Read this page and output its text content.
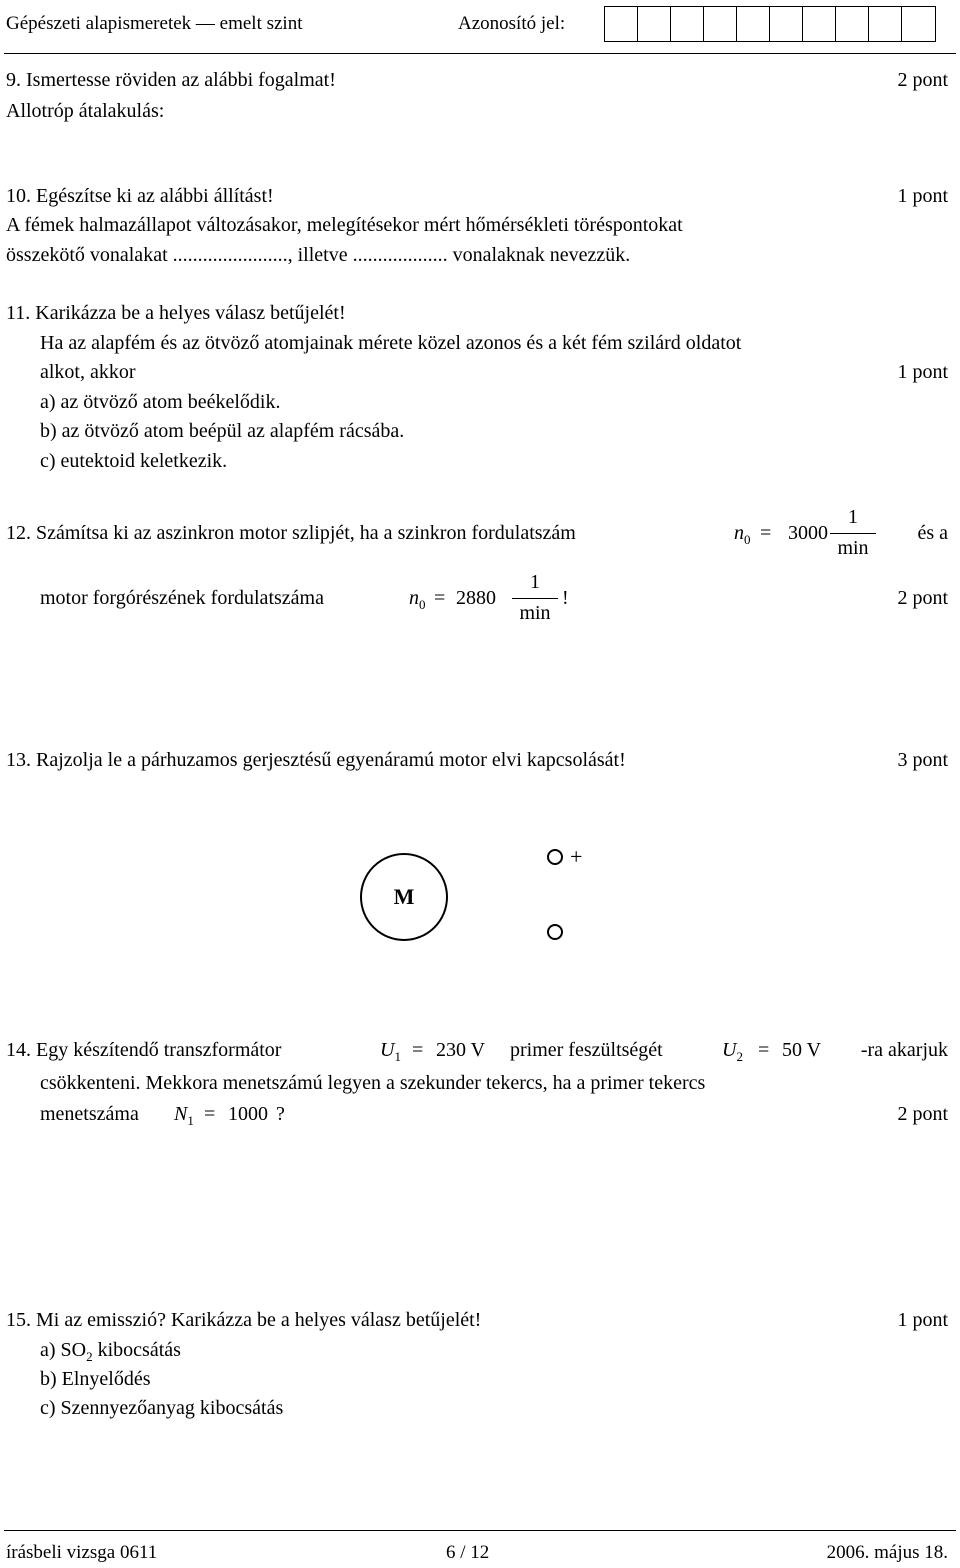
Gépészeti alapismeretek — emelt szint	Azonosító jel:
9. Ismertesse röviden az alábbi fogalmat!	2 pont
Allotróp átalakulás:
10. Egészítse ki az alábbi állítást!	1 pont
A fémek halmazállapot változásakor, melegítésekor mért hőmérsékleti töréspontokat
összekötő vonalakat ......................., illetve ................... vonalaknak nevezzük.
11. Karikázza be a helyes válasz betűjelét!
Ha az alapfém és az ötvöző atomjainak mérete közel azonos és a két fém szilárd oldatot
alkot, akkor	1 pont
a) az ötvöző atom beékelődik.
b) az ötvöző atom beépül az alapfém rácsába.
c) eutektoid keletkezik.
12. Számítsa ki az aszinkron motor szlipjét, ha a szinkron fordulatszám	$n_0 = 3000$
1
min
és a
motor forgórészének fordulatszáma	$n_0 = 2880$
1
min
!	2 pont
13. Rajzolja le a párhuzamos gerjesztésű egyenáramú motor elvi kapcsolását!	3 pont
M
+
14. Egy készítendő transzformátor	$U_1 = 230$ V primer feszültségét	$U_2 = 50$ V -ra akarjuk
csökkenteni. Mekkora menetszámú legyen a szekunder tekercs, ha a primer tekercs
menetszáma $N_1 = 1000$ ?	2 pont
15. Mi az emisszió? Karikázza be a helyes válasz betűjelét!	1 pont
a) $SO_2$ kibocsátás
b) Elnyelődés
c) Szennyezőanyag kibocsátás
írásbeli vizsga 0611	6 / 12	2006. május 18.
